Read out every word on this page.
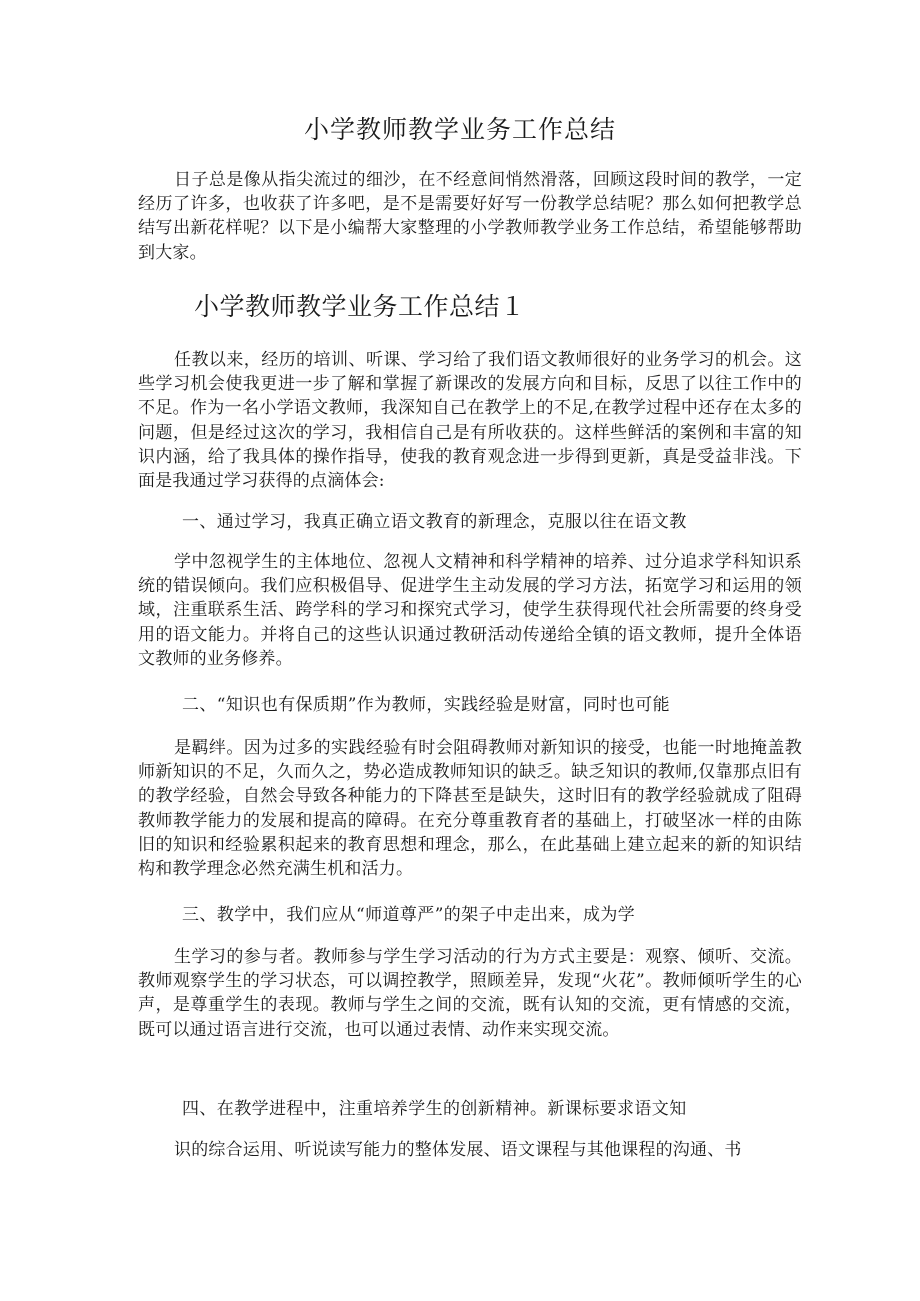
小学教师教学业务工作总结

日子总是像从指尖流过的细沙，在不经意间悄然滑落，回顾这段时间的教学，一定经历了许多，也收获了许多吧，是不是需要好好写一份教学总结呢？那么如何把教学总结写出新花样呢？以下是小编帮大家整理的小学教师教学业务工作总结，希望能够帮助到大家。

小学教师教学业务工作总结１

任教以来，经历的培训、听课、学习给了我们语文教师很好的业务学习的机会。这些学习机会使我更进一步了解和掌握了新课改的发展方向和目标，反思了以往工作中的不足。作为一名小学语文教师，我深知自己在教学上的不足,在教学过程中还存在太多的问题，但是经过这次的学习，我相信自己是有所收获的。这样些鲜活的案例和丰富的知识内涵，给了我具体的操作指导，使我的教育观念进一步得到更新，真是受益非浅。下面是我通过学习获得的点滴体会:

一、通过学习，我真正确立语文教育的新理念，克服以往在语文教

学中忽视学生的主体地位、忽视人文精神和科学精神的培养、过分追求学科知识系统的错误倾向。我们应积极倡导、促进学生主动发展的学习方法，拓宽学习和运用的领域，注重联系生活、跨学科的学习和探究式学习，使学生获得现代社会所需要的终身受用的语文能力。并将自己的这些认识通过教研活动传递给全镇的语文教师，提升全体语文教师的业务修养。

二、“知识也有保质期”作为教师，实践经验是财富，同时也可能

是羁绊。因为过多的实践经验有时会阻碍教师对新知识的接受，也能一时地掩盖教师新知识的不足，久而久之，势必造成教师知识的缺乏。缺乏知识的教师,仅靠那点旧有的教学经验，自然会导致各种能力的下降甚至是缺失，这时旧有的教学经验就成了阻碍教师教学能力的发展和提高的障碍。在充分尊重教育者的基础上，打破坚冰一样的由陈旧的知识和经验累积起来的教育思想和理念，那么，在此基础上建立起来的新的知识结构和教学理念必然充满生机和活力。

三、教学中，我们应从“师道尊严”的架子中走出来，成为学

生学习的参与者。教师参与学生学习活动的行为方式主要是：观察、倾听、交流。教师观察学生的学习状态，可以调控教学，照顾差异，发现“火花”。教师倾听学生的心声，是尊重学生的表现。教师与学生之间的交流，既有认知的交流，更有情感的交流，既可以通过语言进行交流，也可以通过表情、动作来实现交流。

四、在教学进程中，注重培养学生的创新精神。新课标要求语文知

识的综合运用、听说读写能力的整体发展、语文课程与其他课程的沟通、书
